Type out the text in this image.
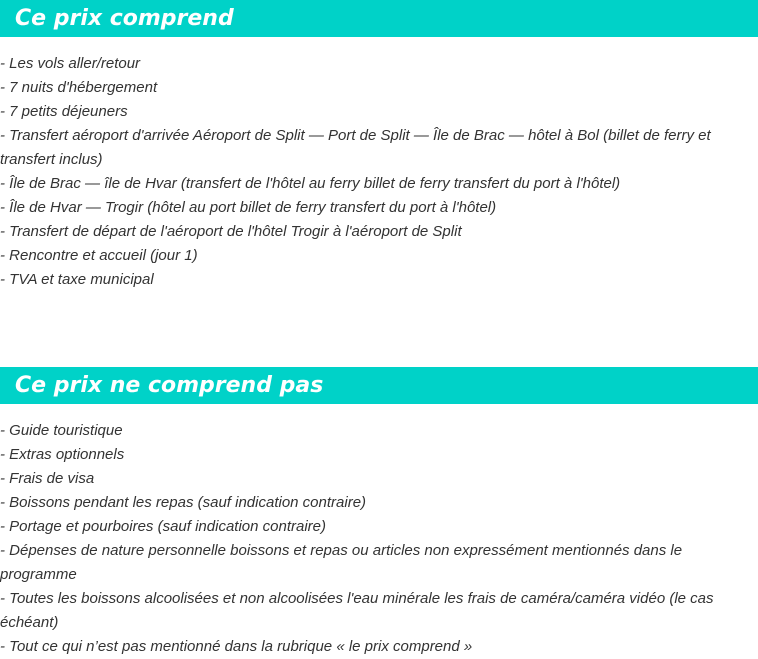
Ce prix comprend
- Les vols aller/retour
- 7 nuits d'hébergement
- 7 petits déjeuners
- Transfert aéroport d'arrivée Aéroport de Split — Port de Split — Île de Brac — hôtel à Bol (billet de ferry et transfert inclus)
- Île de Brac — île de Hvar (transfert de l'hôtel au ferry billet de ferry transfert du port à l'hôtel)
- Île de Hvar — Trogir (hôtel au port billet de ferry transfert du port à l'hôtel)
- Transfert de départ de l'aéroport de l'hôtel Trogir à l'aéroport de Split
- Rencontre et accueil (jour 1)
- TVA et taxe municipal
Ce prix ne comprend pas
- Guide touristique
- Extras optionnels
- Frais de visa
- Boissons pendant les repas (sauf indication contraire)
- Portage et pourboires (sauf indication contraire)
- Dépenses de nature personnelle boissons et repas ou articles non expressément mentionnés dans le programme
- Toutes les boissons alcoolisées et non alcoolisées l'eau minérale les frais de caméra/caméra vidéo (le cas échéant)
- Tout ce qui n’est pas mentionné dans la rubrique « le prix comprend »
